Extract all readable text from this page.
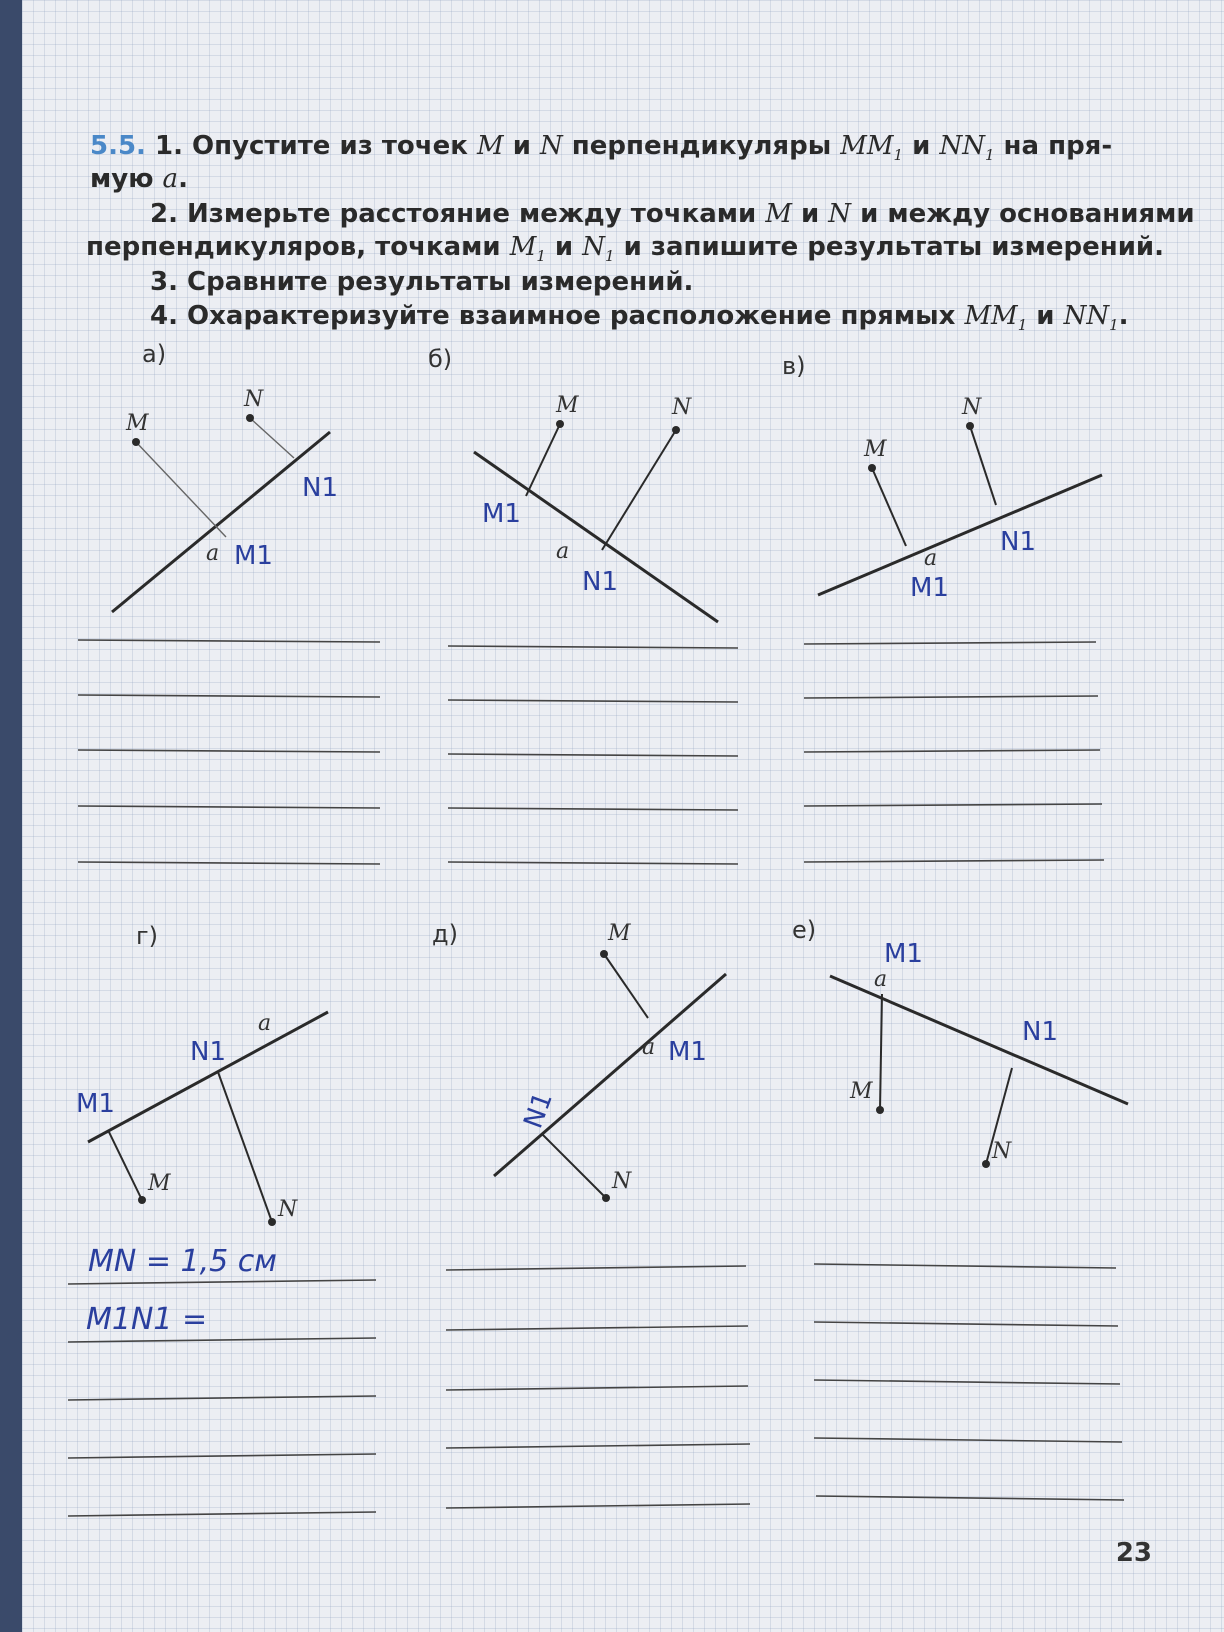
5.5. 1. Опустите из точек M и N перпендикуляры $MM_1$ и $NN_1$ на пря-
мую a.
2. Измерьте расстояние между точками M и N и между основаниями
перпендикуляров, точками $M_1$ и $N_1$ и запишите результаты измерений.
3. Сравните результаты измерений.
4. Охарактеризуйте взаимное расположение прямых $MM_1$ и $NN_1$.
а)	б)	в)
г)	д)	е)
M
N
a
M	N
a
M
N
a
M
N
a
M
N
a
M
N
a
M1
N1
M1
N1	M1
N1
M1
N1	M1
N1
M1
N1
MN = 1,5 см
M1N1 =
23
